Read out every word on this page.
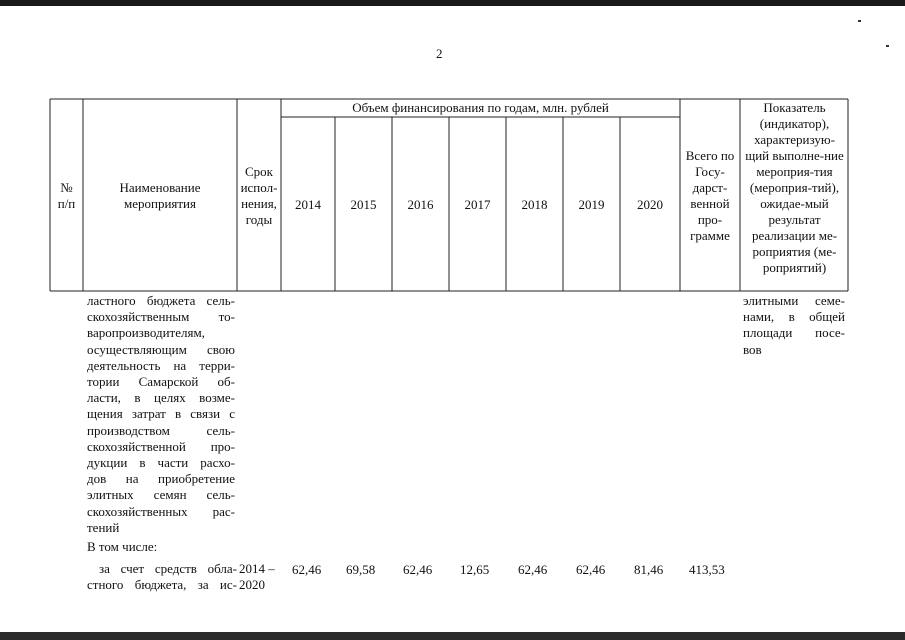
2
№ п/п
Наименование мероприятия
Срок испол-нения, годы
Объем финансирования по годам, млн. рублей
2014 2015 2016 2017 2018 2019	2020
Всего по Госу-дарст-венной про-грамме
Показатель (индикатор), характеризую-щий выполне-ние мероприя-тия (мероприя-тий), ожидае-мый результат реализации ме-роприятия (ме-роприятий)
ластного бюджета сель-
скохозяйственным то-
варопроизводителям,
осуществляющим свою
деятельность на терри-
тории Самарской об-
ласти, в целях возме-
щения затрат в связи с
производством сель-
скохозяйственной про-
дукции в части расхо-
дов на приобретение
элитных семян сель-
скохозяйственных рас-
тений
элитными семе-
нами, в общей
площади посе-
вов
В том числе:
за счет средств обла-
стного бюджета, за ис-
2014 –
2020
62,46 69,58 62,46 12,65 62,46 62,46 81,46 413,53
